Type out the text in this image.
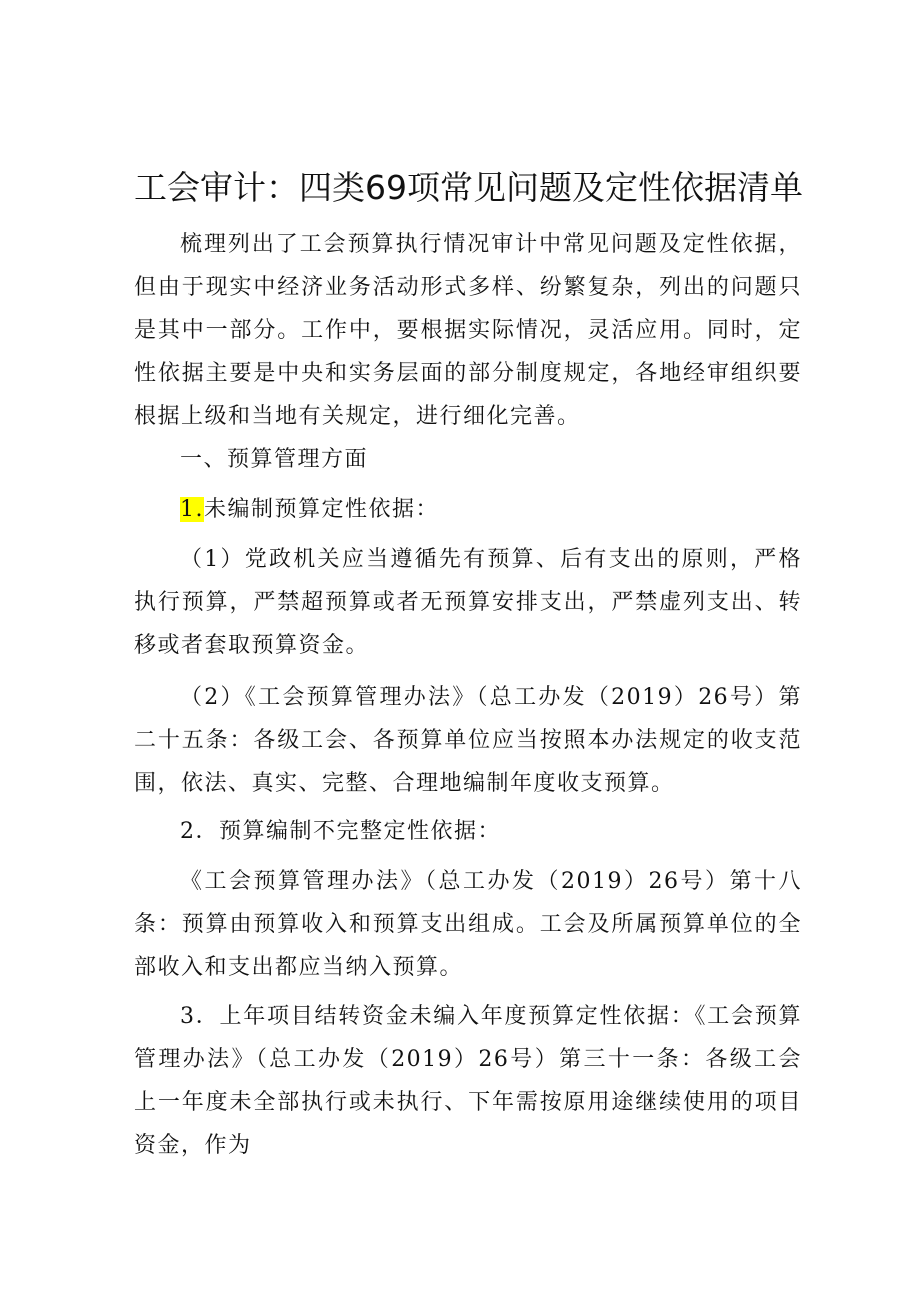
工会审计：四类69项常见问题及定性依据清单

梳理列出了工会预算执行情况审计中常见问题及定性依据，但由于现实中经济业务活动形式多样、纷繁复杂，列出的问题只是其中一部分。工作中，要根据实际情况，灵活应用。同时，定性依据主要是中央和实务层面的部分制度规定，各地经审组织要根据上级和当地有关规定，进行细化完善。

一、预算管理方面

1.未编制预算定性依据：

（1）党政机关应当遵循先有预算、后有支出的原则，严格执行预算，严禁超预算或者无预算安排支出，严禁虚列支出、转移或者套取预算资金。

（2）《工会预算管理办法》（总工办发（2019）26号）第二十五条：各级工会、各预算单位应当按照本办法规定的收支范围，依法、真实、完整、合理地编制年度收支预算。

2．预算编制不完整定性依据：

《工会预算管理办法》（总工办发（2019）26号）第十八条：预算由预算收入和预算支出组成。工会及所属预算单位的全部收入和支出都应当纳入预算。

3．上年项目结转资金未编入年度预算定性依据：《工会预算管理办法》（总工办发（2019）26号）第三十一条：各级工会上一年度未全部执行或未执行、下年需按原用途继续使用的项目资金，作为
